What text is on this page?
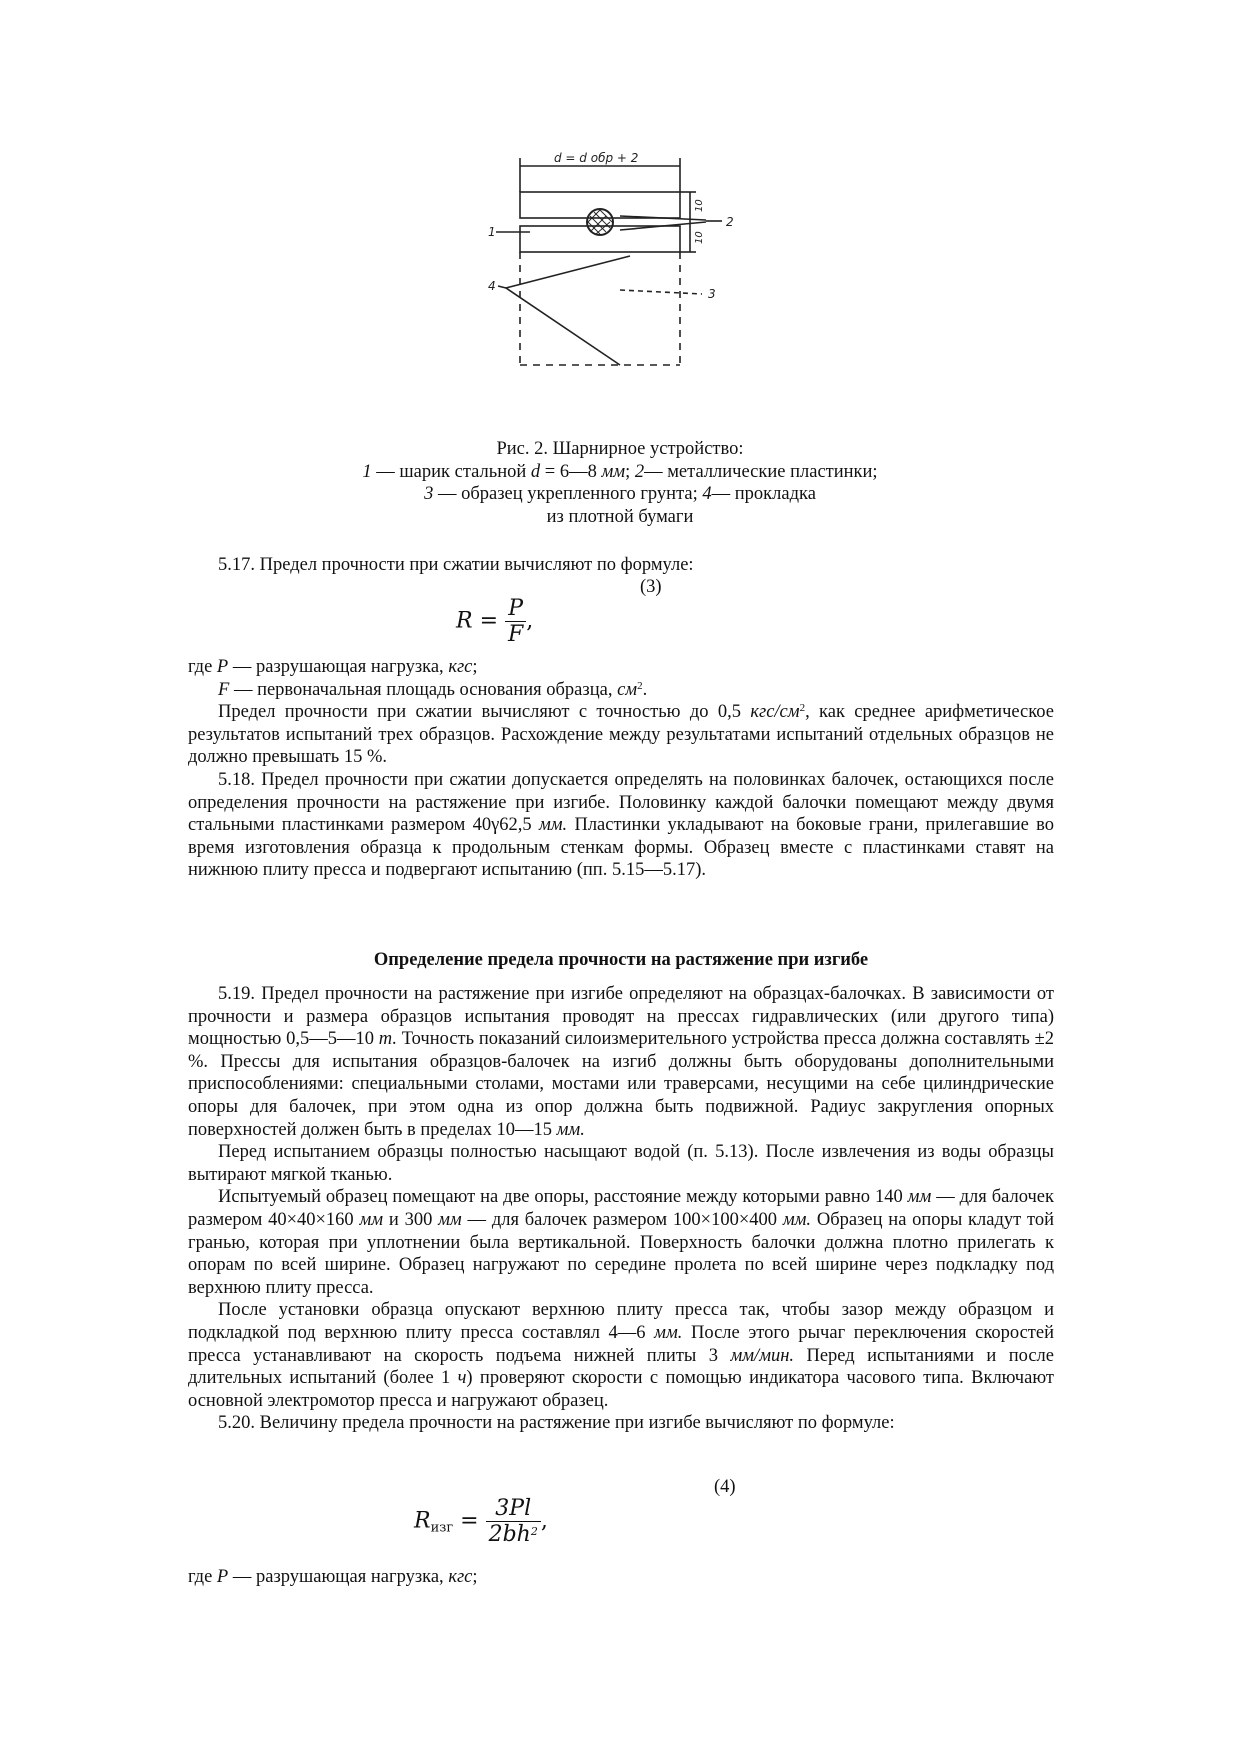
d = d обр + 2
1
2
3
4
10
10
Рис. 2. Шарнирное устройство:
1 — шарик стальной d = 6—8 мм; 2— металлические пластинки;
3 — образец укрепленного грунта; 4— прокладка
из плотной бумаги

5.17. Предел прочности при сжатии вычисляют по формуле:

(3)
$R = \frac{P}{F}$ ,

где P — разрушающая нагрузка, кгс;

F — первоначальная площадь основания образца, $см^2$.

Предел прочности при сжатии вычисляют с точностью до 0,5 кгс/$см^2$, как среднее арифметическое результатов испытаний трех образцов. Расхождение между результатами испытаний отдельных образцов не должно превышать 15 %.

5.18. Предел прочности при сжатии допускается определять на половинках балочек, остающихся после определения прочности на растяжение при изгибе. Половинку каждой балочки помещают между двумя стальными пластинками размером 40γ62,5 мм. Пластинки укладывают на боковые грани, прилегавшие во время изготовления образца к продольным стенкам формы. Образец вместе с пластинками ставят на нижнюю плиту пресса и подвергают испытанию (пп. 5.15—5.17).

Определение предела прочности на растяжение при изгибе

5.19. Предел прочности на растяжение при изгибе определяют на образцах-балочках. В зависимости от прочности и размера образцов испытания проводят на прессах гидравлических (или другого типа) мощностью 0,5—5—10 т. Точность показаний силоизмерительного устройства пресса должна составлять ±2 %. Прессы для испытания образцов-балочек на изгиб должны быть оборудованы дополнительными приспособлениями: специальными столами, мостами или траверсами, несущими на себе цилиндрические опоры для балочек, при этом одна из опор должна быть подвижной. Радиус закругления опорных поверхностей должен быть в пределах 10—15 мм.

Перед испытанием образцы полностью насыщают водой (п. 5.13). После извлечения из воды образцы вытирают мягкой тканью.

Испытуемый образец помещают на две опоры, расстояние между которыми равно 140 мм — для балочек размером 40×40×160 мм и 300 мм — для балочек размером 100×100×400 мм. Образец на опоры кладут той гранью, которая при уплотнении была вертикальной. Поверхность балочки должна плотно прилегать к опорам по всей ширине. Образец нагружают по середине пролета по всей ширине через подкладку под верхнюю плиту пресса.

После установки образца опускают верхнюю плиту пресса так, чтобы зазор между образцом и подкладкой под верхнюю плиту пресса составлял 4—6 мм. После этого рычаг переключения скоростей пресса устанавливают на скорость подъема нижней плиты 3 мм/мин. Перед испытаниями и после длительных испытаний (более 1 ч) проверяют скорости с помощью индикатора часового типа. Включают основной электромотор пресса и нагружают образец.

5.20. Величину предела прочности на растяжение при изгибе вычисляют по формуле:

(4)
$R_{изг} = \frac{3Pl}{2bh^2}$ ,

где P — разрушающая нагрузка, кгс;
